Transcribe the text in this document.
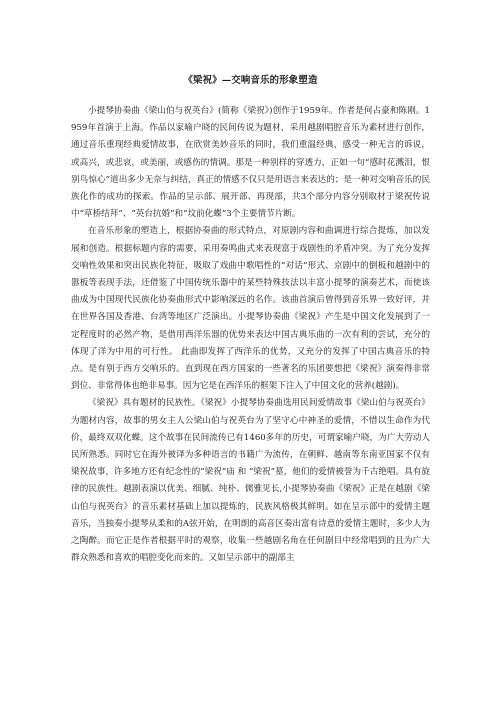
《梁祝》—交响音乐的形象塑造

小提琴协奏曲《梁山伯与祝英台》(简称《梁祝》)创作于1959年。作者是何占豪和陈刚。1959年首演于上海。作品以家喻户晓的民间传说为题材，采用越剧唱腔音乐为素材进行创作，通过音乐重现经典爱情故事，在欣赏美妙音乐的同时，我们重温经典，感受一种无言的诉说，或高兴，或悲哀，或美丽，或感伤的情调。那是一种别样的穿透力，正如一句“感时花溅泪，恨别鸟惊心”道出多少无奈与纠结，真正的情感不仅只是用语言来表达的；是一种对交响音乐的民族化作的成功的探索。作品的呈示部、展开部、再现部，共3个部分内容分别取材于梁祝传说中“草桥结拜”、“英台抗婚”和“坟前化蝶”3个主要情节片断。

在音乐形象的塑造上，根据协奏曲的形式特点，对原剧内容和曲调进行综合提炼，加以发展和创造。根据标题内容的需要，采用奏鸣曲式来表现富于戏剧性的矛盾冲突。为了充分发挥交响性效果和突出民族化特征，吸取了戏曲中歌唱性的“对话”形式、京剧中的倒板和越剧中的嚣板等表现手法，还借鉴了中国传统乐器中的某些特殊技法以丰富小提琴的演奏艺术，而使该曲成为中国现代民族化协奏曲形式中影响深远的名作。该曲首演后曾得到音乐界一致好评，并在世界各国及香港、台湾等地区广泛演出。小提琴协奏曲《梁祝》产生是中国文化发展到了一定程度时的必然产物，是借用西洋乐器的优势来表达中国古典乐曲的一次有利的尝试，充分的体现了洋为中用的可行性。 此曲即发挥了西洋乐的优势，又充分的发挥了中国古典音乐的特点。是有别于西方交响乐的。直到现在西方国家的一些著名的乐团要想把《梁祝》演奏得非常到位、非常得体也绝非易事。因为它是在西洋乐的框架下注入了中国文化的营养(越剧)。

《梁祝》具有题材的民族性。《梁祝》小提琴协奏曲选用民间爱情故事《梁山伯与祝英台》为题材内容，故事的男女主人公梁山伯与祝英台为了坚守心中神圣的爱情，不惜以生命作为代价，最终双双化蝶。这个故事在民间流传已有1460多年的历史，可谓家喻户晓，为广大劳动人民所熟悉。同时它在海外被译为多种语言的书籍广为流传，在朝鲜、越南等东南亚国家不仅有梁祝故事，许多地方还有纪念性的“梁祝”庙 和 “梁祝”墓，他们的爱情被誉为千古绝唱。具有旋律的民族性。越剧表演以优美、细腻、纯朴、儒雅见长,小提琴协奏曲《梁祝》正是在越剧《梁山伯与祝英台》的音乐素材基础上加以提炼的，民族风格极其鲜明。如在呈示部中的爱情主题音乐，当独奏小提琴从柔和的A弦开始，在明朗的高音区奏出富有诗意的爱情主题时，多少人为之陶醉。而它正是作者根据平时的观察，收集一些越剧名角在任何剧目中经常唱到的且为广大群众熟悉和喜欢的唱腔变化而来的。又如呈示部中的副部主
